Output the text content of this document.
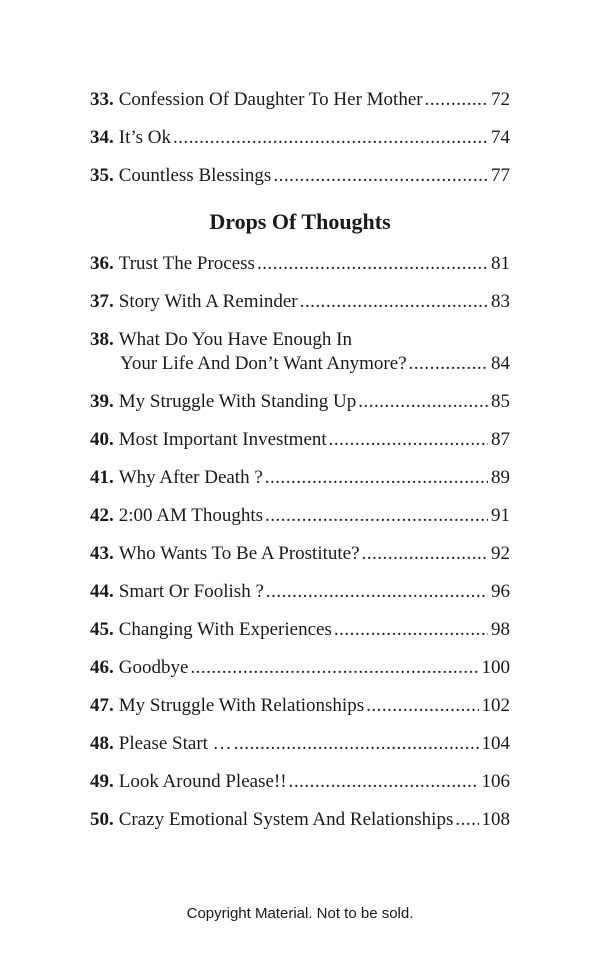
33. Confession Of Daughter To Her Mother .....	72
34. It’s Ok .....	74
35. Countless Blessings .....	77
Drops Of Thoughts
36. Trust The Process .....	81
37. Story With A Reminder .....	83
38. What Do You Have Enough In
Your Life And Don’t Want Anymore? .....	84
39. My Struggle With Standing Up .....	85
40. Most Important Investment .....	87
41. Why After Death ? .....	89
42. 2:00 AM Thoughts .....	91
43. Who Wants To Be A Prostitute? .....	92
44. Smart Or Foolish ? .....	96
45. Changing With Experiences .....	98
46. Goodbye .....	100
47. My Struggle With Relationships .....	102
48. Please Start … .....	104
49. Look Around Please!! .....	106
50. Crazy Emotional System And Relationships ..... 108
Copyright Material. Not to be sold.
